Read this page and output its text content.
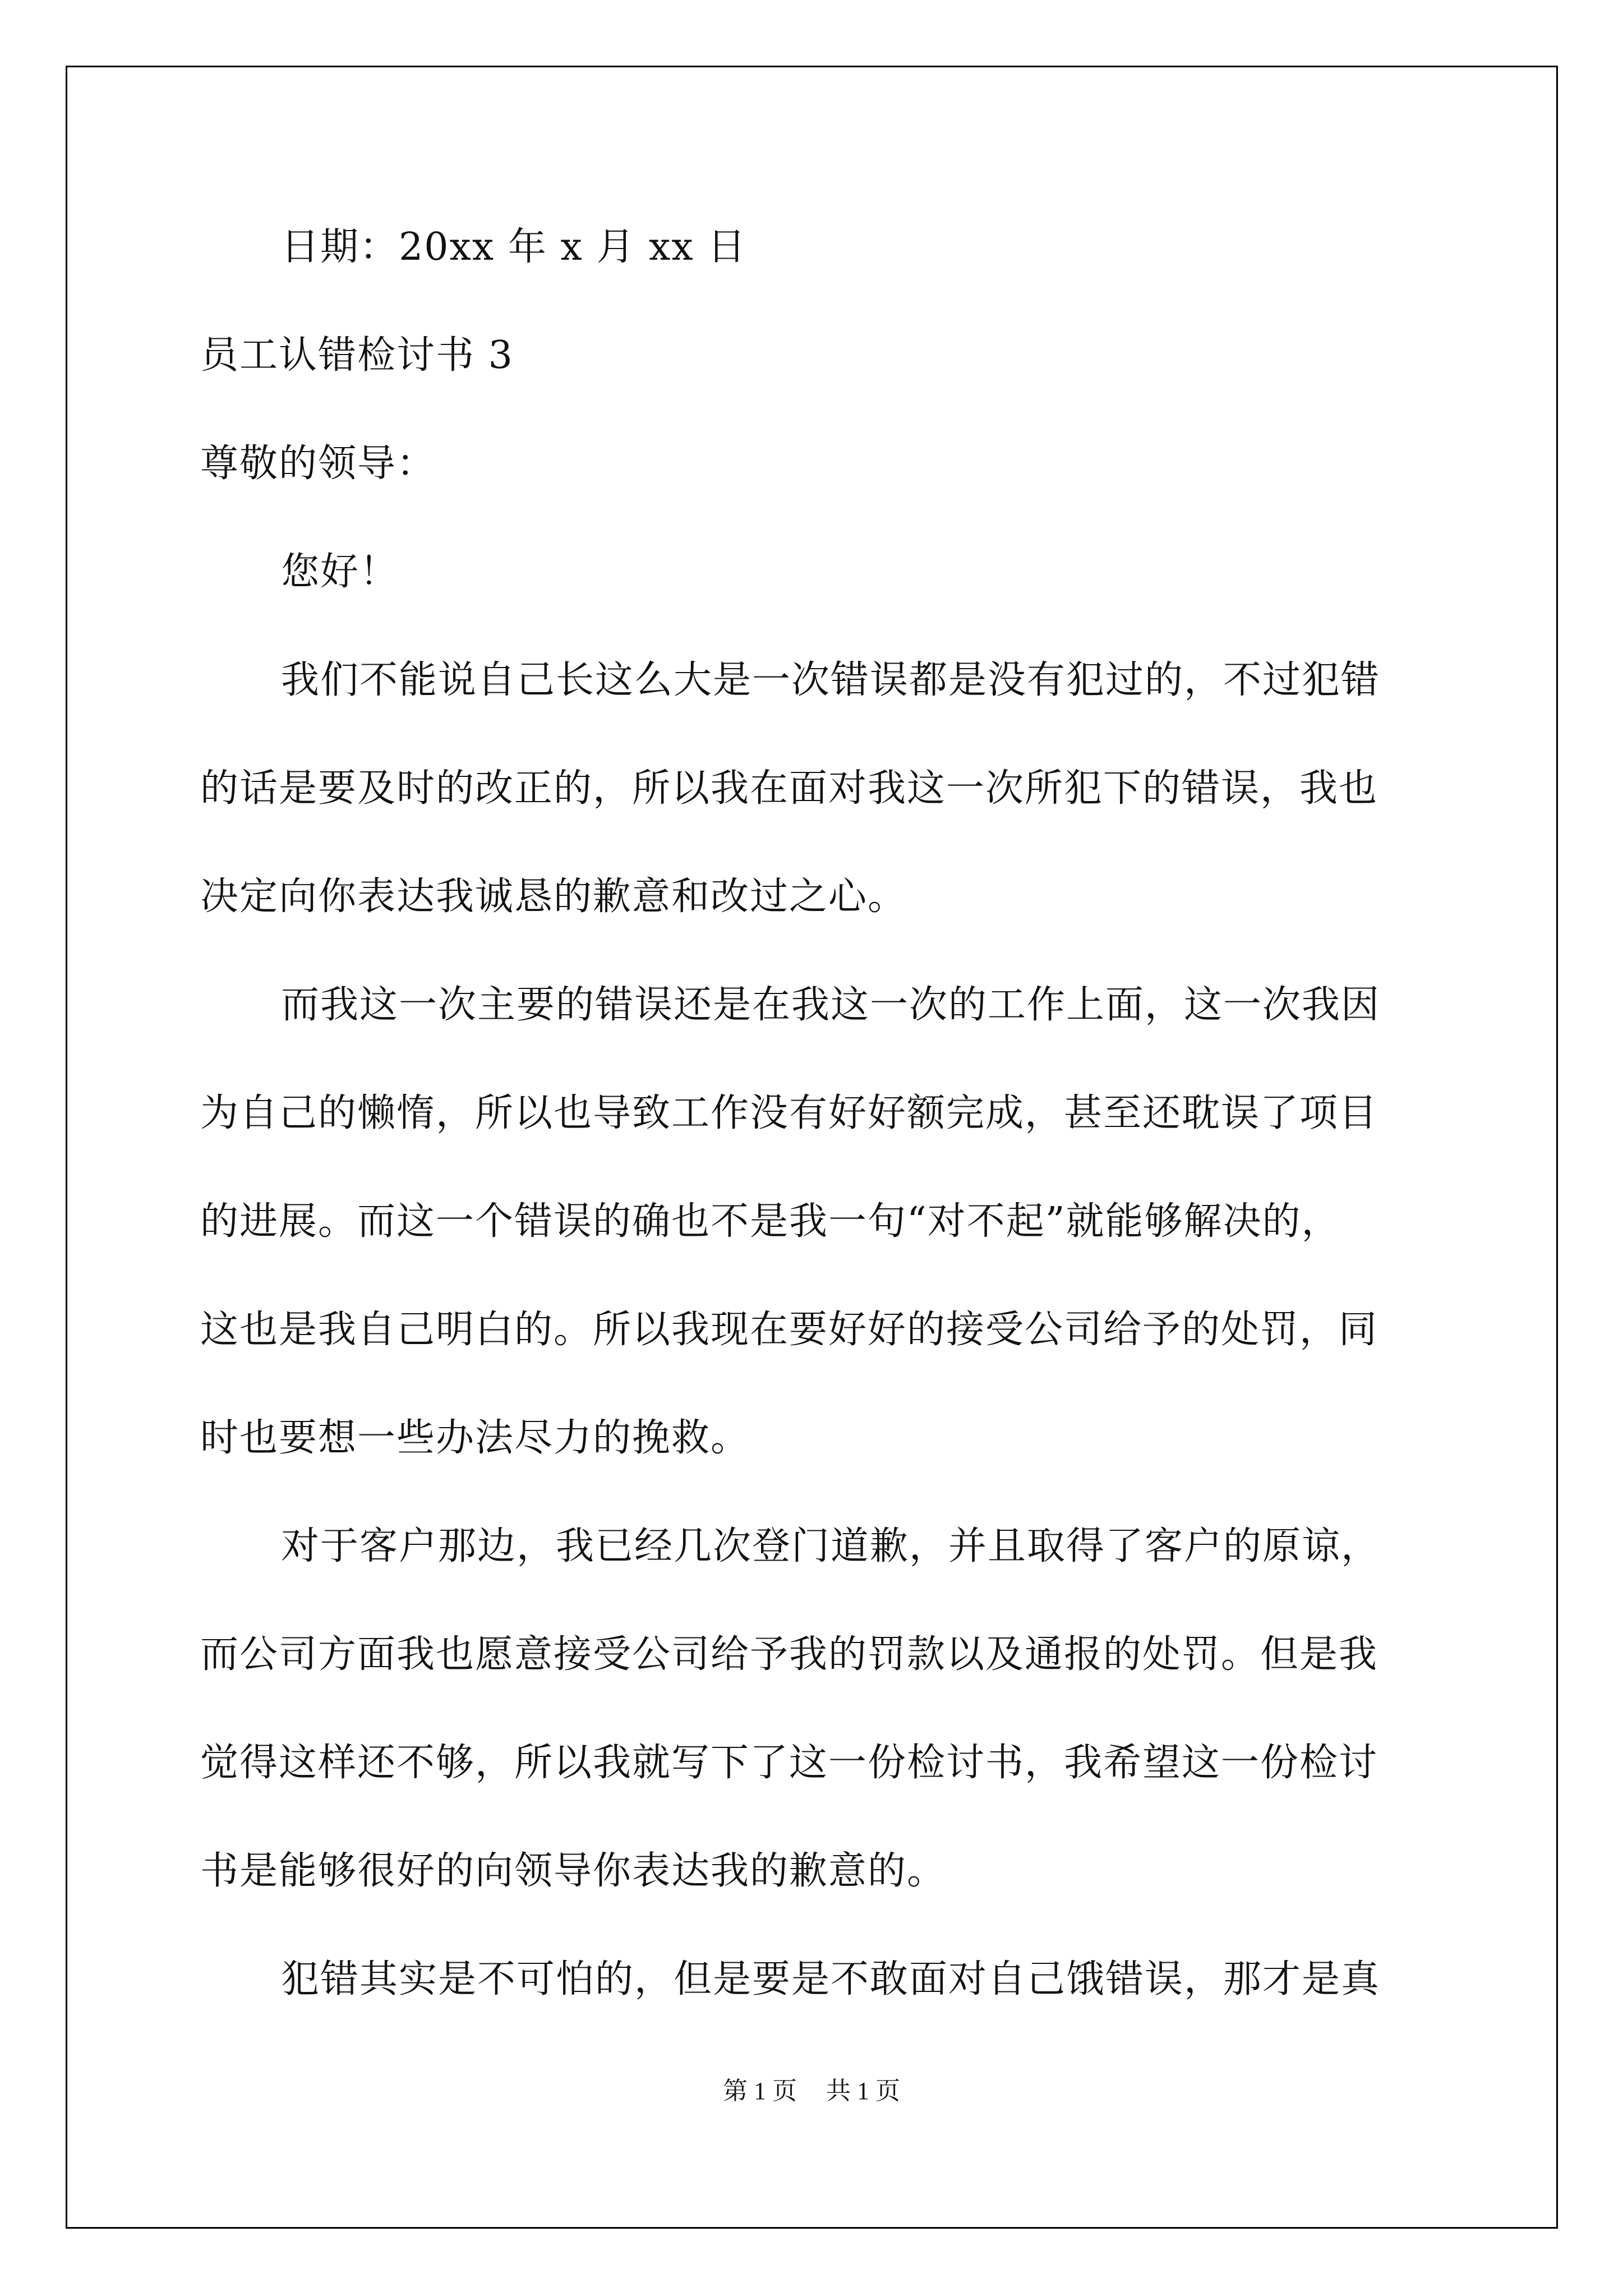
日期：20xx 年 x 月 xx 日
员工认错检讨书 3
尊敬的领导：
您好！
我们不能说自己长这么大是一次错误都是没有犯过的，不过犯错
的话是要及时的改正的，所以我在面对我这一次所犯下的错误，我也
决定向你表达我诚恳的歉意和改过之心。
而我这一次主要的错误还是在我这一次的工作上面，这一次我因
为自己的懒惰，所以也导致工作没有好好额完成，甚至还耽误了项目
的进展。而这一个错误的确也不是我一句“对不起”就能够解决的，
这也是我自己明白的。所以我现在要好好的接受公司给予的处罚，同
时也要想一些办法尽力的挽救。
对于客户那边，我已经几次登门道歉，并且取得了客户的原谅，
而公司方面我也愿意接受公司给予我的罚款以及通报的处罚。但是我
觉得这样还不够，所以我就写下了这一份检讨书，我希望这一份检讨
书是能够很好的向领导你表达我的歉意的。
犯错其实是不可怕的，但是要是不敢面对自己饿错误，那才是真
第 1 页 共 1 页
